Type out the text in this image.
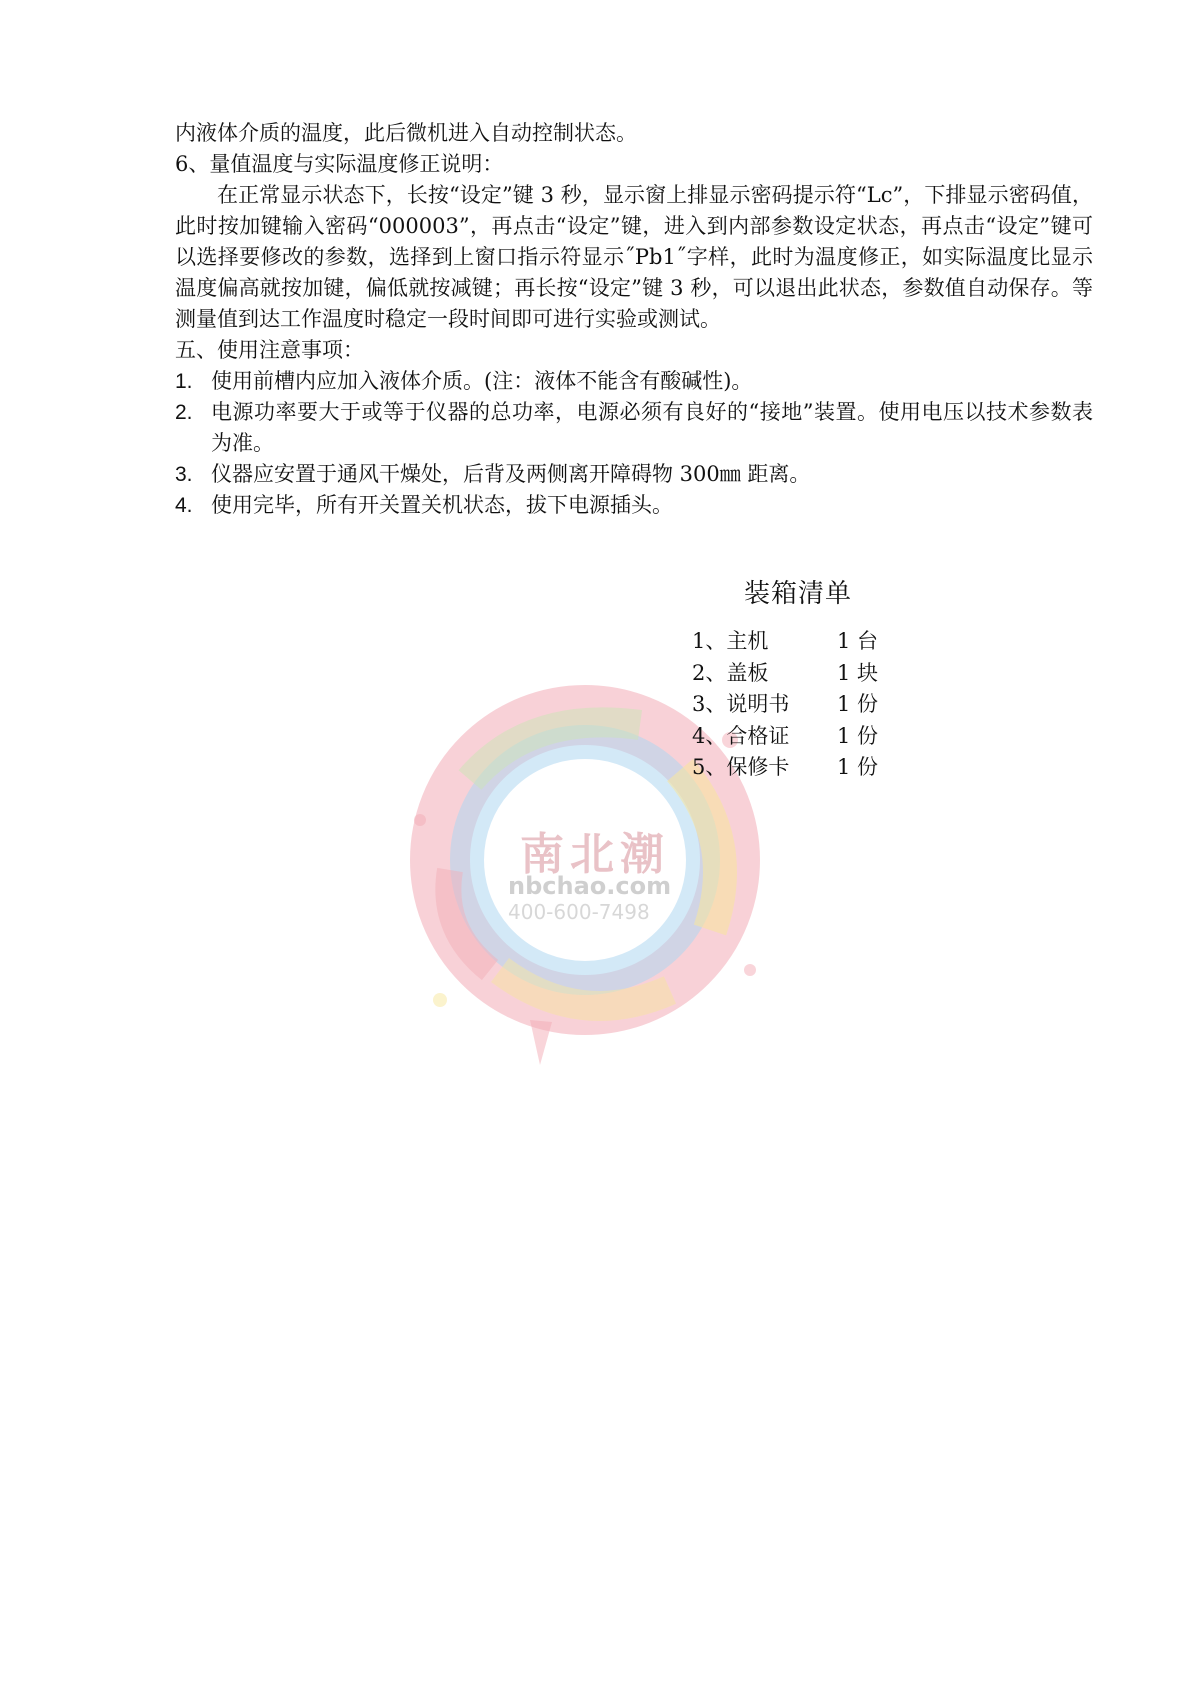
南北潮
nbchao.com
400-600-7498

内液体介质的温度，此后微机进入自动控制状态。

6、量值温度与实际温度修正说明：

在正常显示状态下，长按“设定”键 3 秒，显示窗上排显示密码提示符“Lc”，下排显示密码值，此时按加键输入密码“000003”，再点击“设定”键，进入到内部参数设定状态，再点击“设定”键可以选择要修改的参数，选择到上窗口指示符显示˝Pb1˝字样，此时为温度修正，如实际温度比显示温度偏高就按加键，偏低就按减键；再长按“设定”键 3 秒，可以退出此状态，参数值自动保存。等测量值到达工作温度时稳定一段时间即可进行实验或测试。

五、使用注意事项：

1. 使用前槽内应加入液体介质。(注：液体不能含有酸碱性)。
2. 电源功率要大于或等于仪器的总功率，电源必须有良好的“接地”装置。使用电压以技术参数表为准。
3. 仪器应安置于通风干燥处，后背及两侧离开障碍物 300㎜ 距离。
4. 使用完毕，所有开关置关机状态，拔下电源插头。
装箱清单
1、主机	1 台
2、盖板	1 块
3、说明书	1 份
4、合格证	1 份
5、保修卡	1 份
